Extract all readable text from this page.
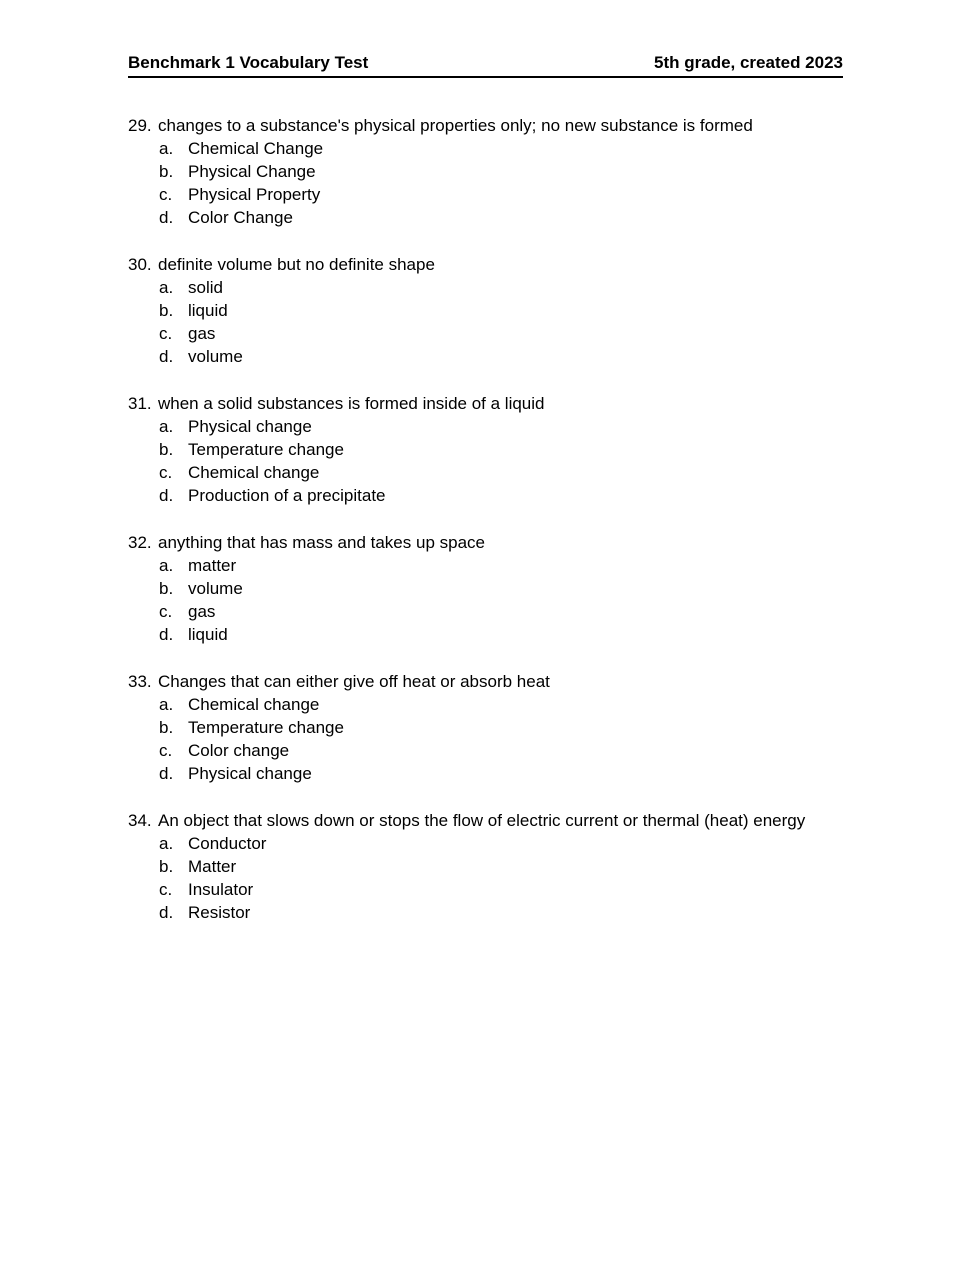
Benchmark 1 Vocabulary Test	5th grade, created 2023
29. changes to a substance's physical properties only; no new substance is formed
a. Chemical Change
b. Physical Change
c. Physical Property
d. Color Change
30. definite volume but no definite shape
a. solid
b. liquid
c. gas
d. volume
31. when a solid substances is formed inside of a liquid
a. Physical change
b. Temperature change
c. Chemical change
d. Production of a precipitate
32. anything that has mass and takes up space
a. matter
b. volume
c. gas
d. liquid
33. Changes that can either give off heat or absorb heat
a. Chemical change
b. Temperature change
c. Color change
d. Physical change
34. An object that slows down or stops the flow of electric current or thermal (heat) energy
a. Conductor
b. Matter
c. Insulator
d. Resistor
